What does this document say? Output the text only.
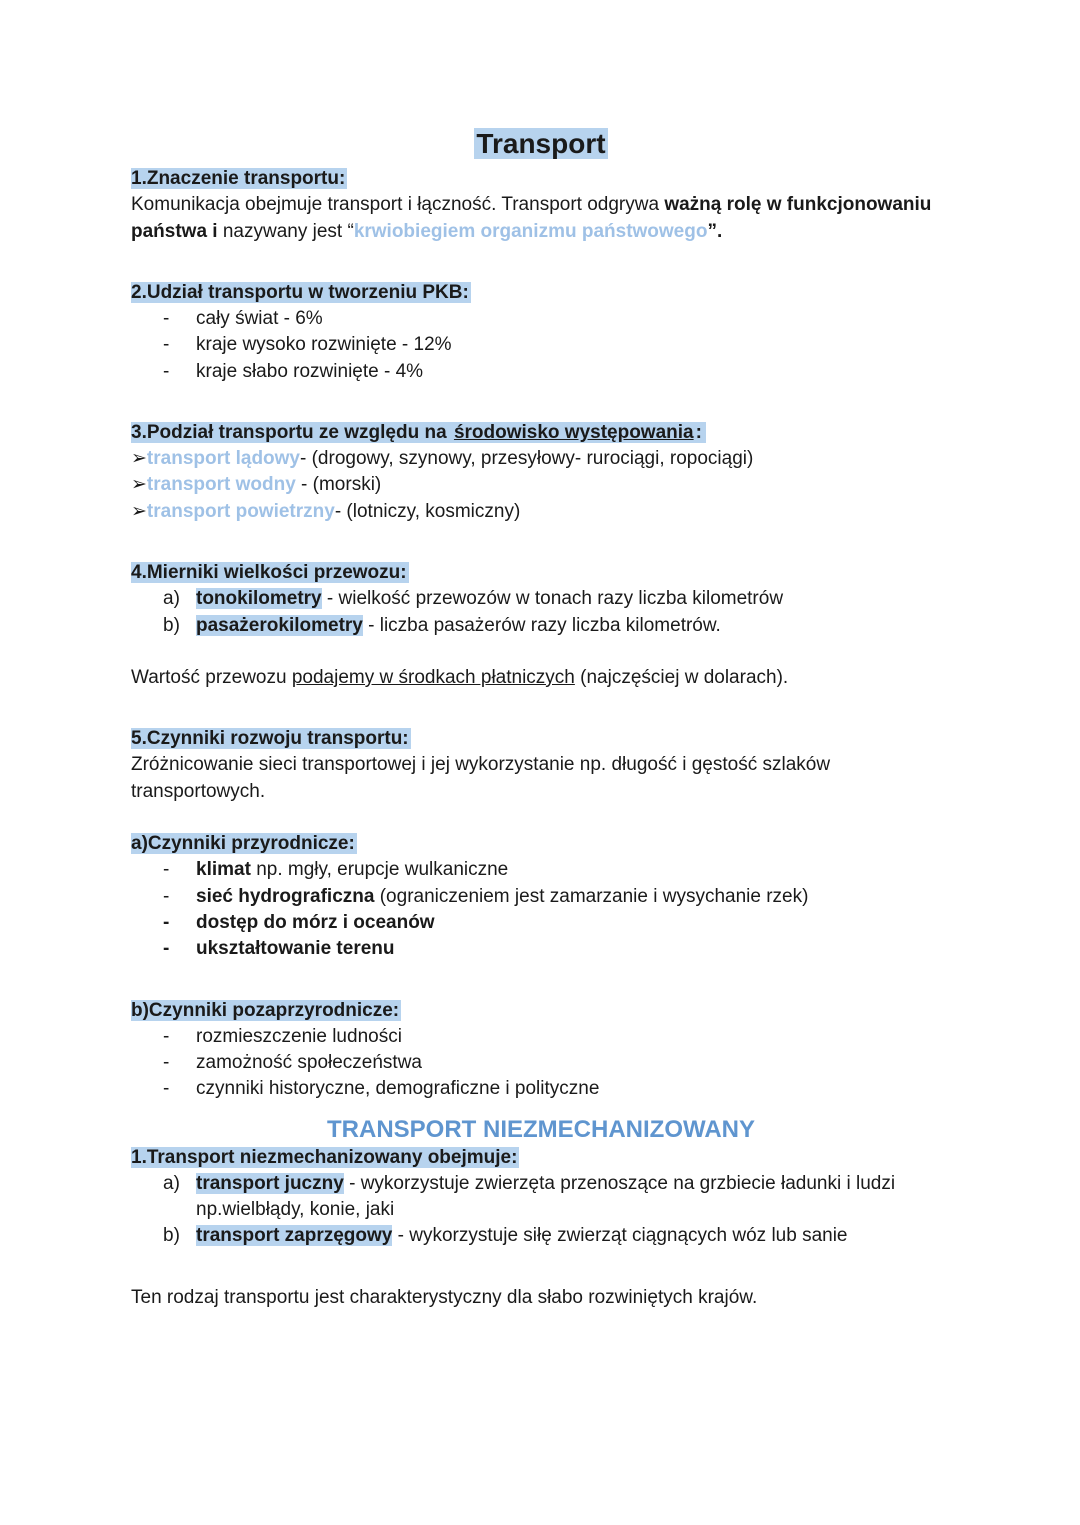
Transport
1.Znaczenie transportu:

Komunikacja obejmuje transport i łączność. Transport odgrywa ważną rolę w funkcjonowaniu państwa i nazywany jest “krwiobiegiem organizmu państwowego”.

2.Udział transportu w tworzeniu PKB:
- cały świat - 6%
- kraje wysoko rozwinięte - 12%
- kraje słabo rozwinięte - 4%
3.Podział transportu ze względu na środowisko występowania :
➢transport lądowy- (drogowy, szynowy, przesyłowy- rurociągi, ropociągi)
➢transport wodny - (morski)
➢transport powietrzny- (lotniczy, kosmiczny)
4.Mierniki wielkości przewozu:
a) tonokilometry - wielkość przewozów w tonach razy liczba kilometrów
b) pasażerokilometry - liczba pasażerów razy liczba kilometrów.

Wartość przewozu podajemy w środkach płatniczych (najczęściej w dolarach).

5.Czynniki rozwoju transportu:

Zróżnicowanie sieci transportowej i jej wykorzystanie np. długość i gęstość szlaków transportowych.

a)Czynniki przyrodnicze:
- klimat np. mgły, erupcje wulkaniczne
- sieć hydrograficzna (ograniczeniem jest zamarzanie i wysychanie rzek)
- dostęp do mórz i oceanów
- ukształtowanie terenu
b)Czynniki pozaprzyrodnicze:
- rozmieszczenie ludności
- zamożność społeczeństwa
- czynniki historyczne, demograficzne i polityczne
TRANSPORT NIEZMECHANIZOWANY
1.Transport niezmechanizowany obejmuje:
a) transport juczny - wykorzystuje zwierzęta przenoszące na grzbiecie ładunki i ludzi np.wielbłądy, konie, jaki
b) transport zaprzęgowy - wykorzystuje siłę zwierząt ciągnących wóz lub sanie

Ten rodzaj transportu jest charakterystyczny dla słabo rozwiniętych krajów.
